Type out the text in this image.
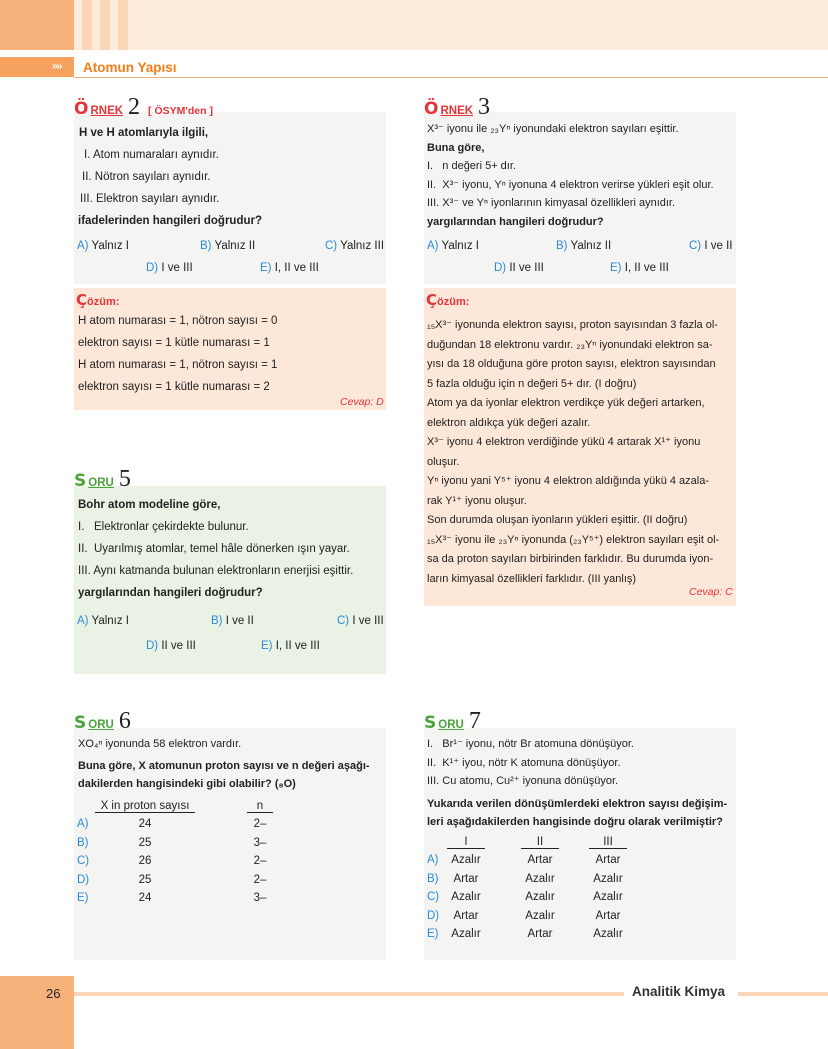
›››› Atomun Yapısı
Ö RNEK 2 [ ÖSYM'den ]

H ve H atomlarıyla ilgili,

I. Atom numaraları aynıdır.

II. Nötron sayıları aynıdır.

III. Elektron sayıları aynıdır.

ifadelerinden hangileri doğrudur?

A) Yalnız I	B) Yalnız II	C) Yalnız III
D) I ve III	E) I, II ve III
Çözüm:

H atom numarası = 1, nötron sayısı = 0

elektron sayısı = 1 kütle numarası = 1

H atom numarası = 1, nötron sayısı = 1

elektron sayısı = 1 kütle numarası = 2

Cevap: D
Ö RNEK 3

X³⁻ iyonu ile ₂₃Yⁿ iyonundaki elektron sayıları eşittir.

Buna göre,

I.   n değeri 5+ dır.

II.  X³⁻ iyonu, Yⁿ iyonuna 4 elektron verirse yükleri eşit olur.

III. X³⁻ ve Yⁿ iyonlarının kimyasal özellikleri aynıdır.

yargılarından hangileri doğrudur?

A) Yalnız I	B) Yalnız II	C) I ve II
D) II ve III	E) I, II ve III
Çözüm:

₁₅X³⁻ iyonunda elektron sayısı, proton sayısından 3 fazla ol-

duğundan 18 elektronu vardır. ₂₃Yⁿ iyonundaki elektron sa-

yısı da 18 olduğuna göre proton sayısı, elektron sayısından

5 fazla olduğu için n değeri 5+ dır. (I doğru)

Atom ya da iyonlar elektron verdikçe yük değeri artarken,

elektron aldıkça yük değeri azalır.

X³⁻ iyonu 4 elektron verdiğinde yükü 4 artarak X¹⁺ iyonu

oluşur.

Yⁿ iyonu yani Y⁵⁺ iyonu 4 elektron aldığında yükü 4 azala-

rak Y¹⁺ iyonu oluşur.

Son durumda oluşan iyonların yükleri eşittir. (II doğru)

₁₅X³⁻ iyonu ile ₂₃Yⁿ iyonunda (₂₃Y⁵⁺) elektron sayıları eşit ol-

sa da proton sayıları birbirinden farklıdır. Bu durumda iyon-

ların kimyasal özellikleri farklıdır. (III yanlış)

Cevap: C
S ORU 5

Bohr atom modeline göre,

I.   Elektronlar çekirdekte bulunur.

II.  Uyarılmış atomlar, temel hâle dönerken ışın yayar.

III. Aynı katmanda bulunan elektronların enerjisi eşittir.

yargılarından hangileri doğrudur?

A) Yalnız I	B) I ve II	C) I ve III
D) II ve III	E) I, II ve III
S ORU 6

XO₄ⁿ iyonunda 58 elektron vardır.

Buna göre, X atomunun proton sayısı ve n değeri aşağı-

dakilerden hangisindeki gibi olabilir? (₈O)

X in proton sayısı	n
A)	24	2–
B)	25	3–
C)	26	2–
D)	25	2–
E)	24	3–
S ORU 7

I.   Br¹⁻ iyonu, nötr Br atomuna dönüşüyor.

II.  K¹⁺ iyou, nötr K atomuna dönüşüyor.

III. Cu atomu, Cu²⁺ iyonuna dönüşüyor.

Yukarıda verilen dönüşümlerdeki elektron sayısı değişim-

leri aşağıdakilerden hangisinde doğru olarak verilmiştir?

I	II	III
A)	Azalır	Artar	Artar
B)	Artar	Azalır	Azalır
C)	Azalır	Azalır	Azalır
D)	Artar	Azalır	Artar
E)	Azalır	Artar	Azalır
26	Analitik Kimya
